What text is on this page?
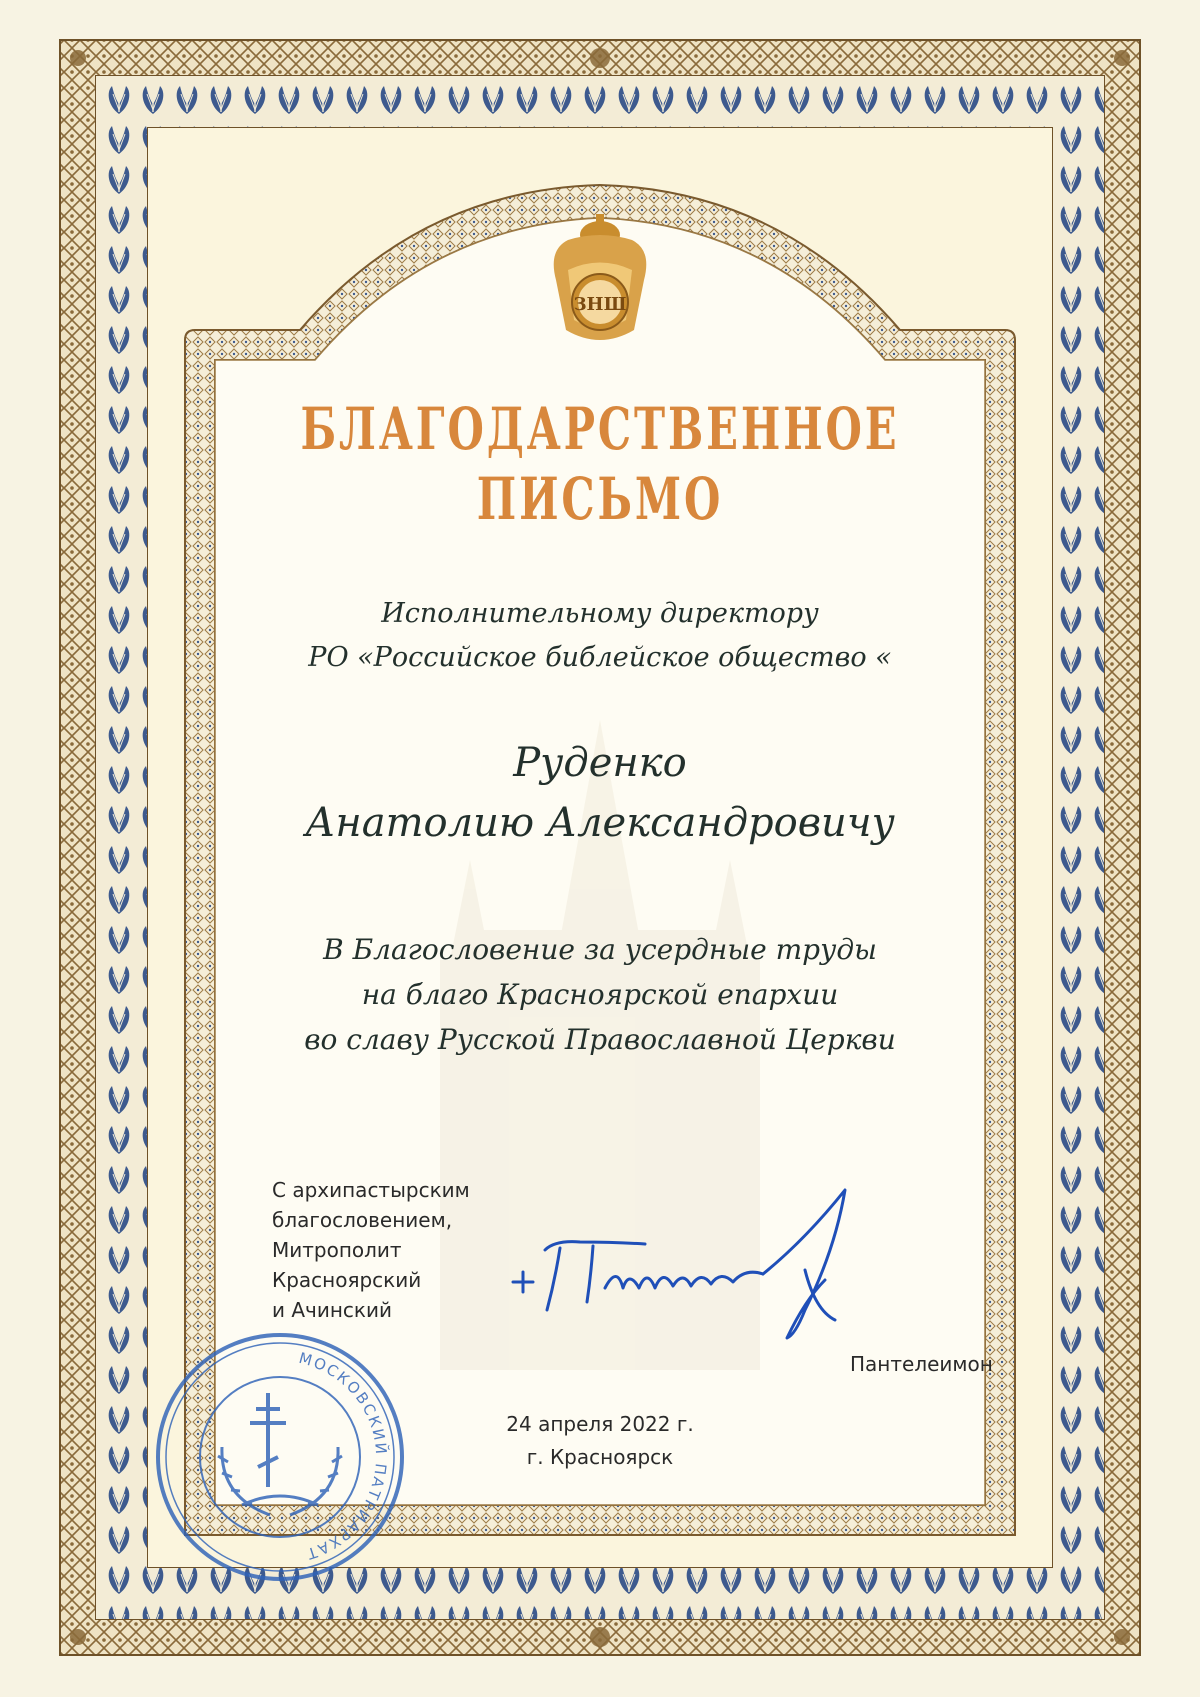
ЗНШ
БЛАГОДАРСТВЕННОЕ
ПИСЬМО
Исполнительному директору
РО «Российское библейское общество «
Руденко
Анатолию Александровичу
В Благословение за усердные труды
на благо Красноярской епархии
во славу Русской Православной Церкви
С архипастырским
благословением,
Митрополит
Красноярский
и Ачинский
Пантелеимон
24 апреля 2022 г.
г. Красноярск
МОСКОВСКИЙ ПАТРИАРХАТ
